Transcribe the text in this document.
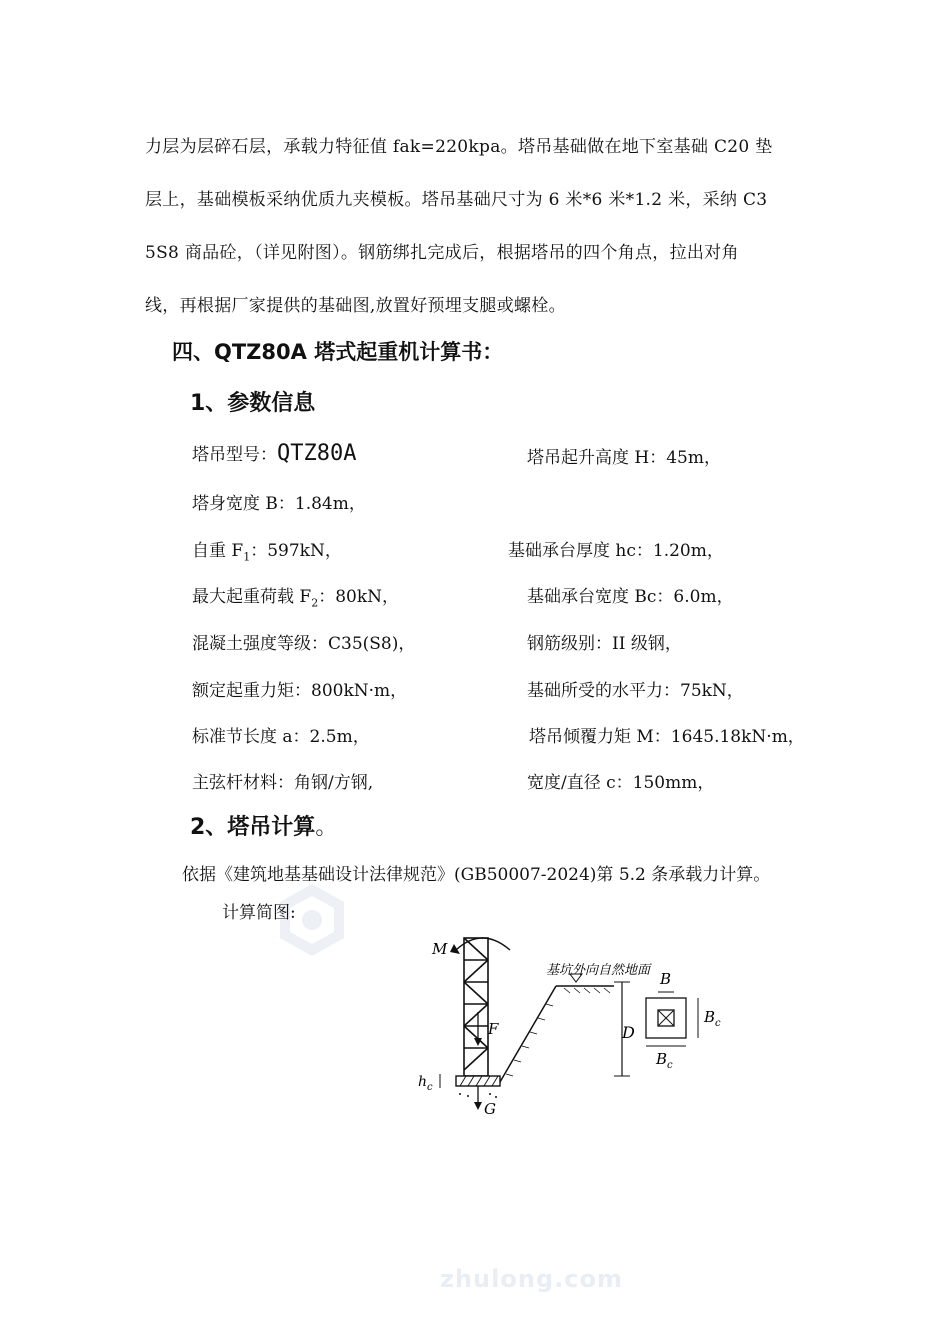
力层为层碎石层，承载力特征值 fak=220kpa。塔吊基础做在地下室基础 C20 垫
层上，基础模板采纳优质九夹模板。塔吊基础尺寸为 6 米*6 米*1.2 米，采纳 C3
5S8 商品砼，（详见附图）。钢筋绑扎完成后，根据塔吊的四个角点，拉出对角
线，再根据厂家提供的基础图,放置好预埋支腿或螺栓。
四、QTZ80A 塔式起重机计算书：
1、参数信息
塔吊型号：QTZ80A	塔吊起升高度 H：45m，
塔身宽度 B：1.84m，
自重 $F_1$：597kN，	基础承台厚度 hc：1.20m，
最大起重荷载 $F_2$：80kN，	基础承台宽度 Bc：6.0m，
混凝土强度等级：C35(S8)，	钢筋级别：II 级钢，
额定起重力矩：800kN·m，	基础所受的水平力：75kN，
标准节长度 a：2.5m，	塔吊倾覆力矩 M：1645.18kN·m，
主弦杆材料：角钢/方钢,	宽度/直径 c：150mm，
2、塔吊计算。
依据《建筑地基基础设计法律规范》(GB50007-2024)第 5.2 条承载力计算。
计算简图:
M
F
G
$h_c$
基坑外向自然地面
D
B
$B_c$
$B_c$
zhulong.com
